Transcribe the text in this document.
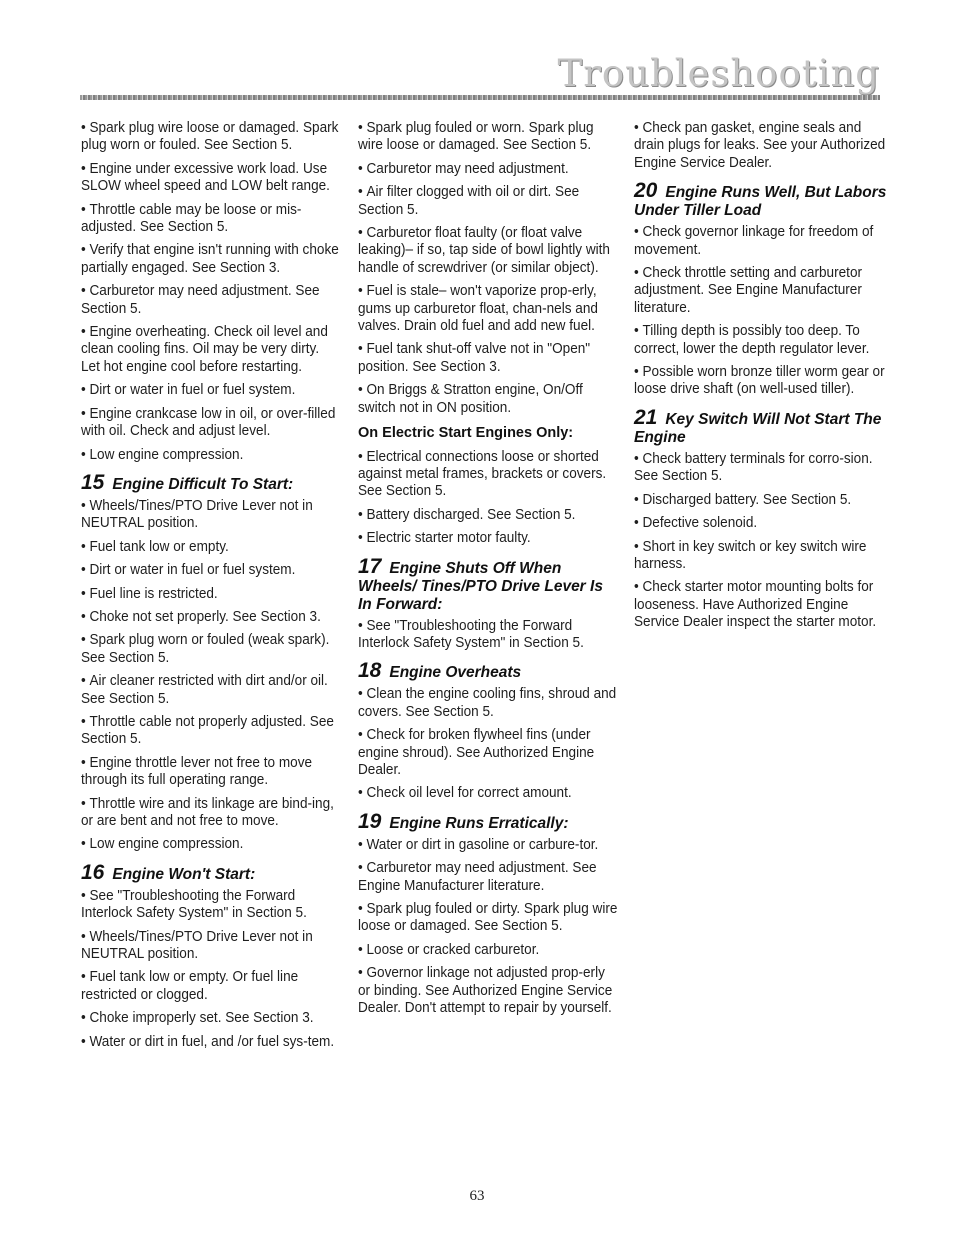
Troubleshooting

• Spark plug wire loose or damaged. Spark plug worn or fouled. See Section 5.

• Engine under excessive work load. Use SLOW wheel speed and LOW belt range.

• Throttle cable may be loose or mis-adjusted. See Section 5.

• Verify that engine isn't running with choke partially engaged. See Section 3.

• Carburetor may need adjustment. See Section 5.

• Engine overheating. Check oil level and clean cooling fins. Oil may be very dirty. Let hot engine cool before restarting.

• Dirt or water in fuel or fuel system.

• Engine crankcase low in oil, or over-filled with oil. Check and adjust level.

• Low engine compression.

15 Engine Difficult To Start:

• Wheels/Tines/PTO Drive Lever not in NEUTRAL position.

• Fuel tank low or empty.

• Dirt or water in fuel or fuel system.

• Fuel line is restricted.

• Choke not set properly. See Section 3.

• Spark plug worn or fouled (weak spark). See Section 5.

• Air cleaner restricted with dirt and/or oil. See Section 5.

• Throttle cable not properly adjusted. See Section 5.

• Engine throttle lever not free to move through its full operating range.

• Throttle wire and its linkage are bind-ing, or are bent and not free to move.

• Low engine compression.

16 Engine Won't Start:

• See "Troubleshooting the Forward Interlock Safety System" in Section 5.

• Wheels/Tines/PTO Drive Lever not in NEUTRAL position.

• Fuel tank low or empty. Or fuel line restricted or clogged.

• Choke improperly set. See Section 3.

• Water or dirt in fuel, and /or fuel sys-tem.

• Spark plug fouled or worn. Spark plug wire loose or damaged. See Section 5.

• Carburetor may need adjustment.

• Air filter clogged with oil or dirt. See Section 5.

• Carburetor float faulty (or float valve leaking)– if so, tap side of bowl lightly with handle of screwdriver (or similar object).

• Fuel is stale– won't vaporize prop-erly, gums up carburetor float, chan-nels and valves. Drain old fuel and add new fuel.

• Fuel tank shut-off valve not in "Open" position. See Section 3.

• On Briggs & Stratton engine, On/Off switch not in ON position.

On Electric Start Engines Only:

• Electrical connections loose or shorted against metal frames, brackets or covers. See Section 5.

• Battery discharged. See Section 5.

• Electric starter motor faulty.

17 Engine Shuts Off When Wheels/ Tines/PTO Drive Lever Is In Forward:

• See "Troubleshooting the Forward Interlock Safety System" in Section 5.

18 Engine Overheats

• Clean the engine cooling fins, shroud and covers. See Section 5.

• Check for broken flywheel fins (under engine shroud). See Authorized Engine Dealer.

• Check oil level for correct amount.

19 Engine Runs Erratically:

• Water or dirt in gasoline or carbure-tor.

• Carburetor may need adjustment. See Engine Manufacturer literature.

• Spark plug fouled or dirty. Spark plug wire loose or damaged. See Section 5.

• Loose or cracked carburetor.

• Governor linkage not adjusted prop-erly or binding. See Authorized Engine Service Dealer. Don't attempt to repair by yourself.

• Check pan gasket, engine seals and drain plugs for leaks. See your Authorized Engine Service Dealer.

20 Engine Runs Well, But Labors Under Tiller Load

• Check governor linkage for freedom of movement.

• Check throttle setting and carburetor adjustment. See Engine Manufacturer literature.

• Tilling depth is possibly too deep. To correct, lower the depth regulator lever.

• Possible worn bronze tiller worm gear or loose drive shaft (on well-used tiller).

21 Key Switch Will Not Start The Engine

• Check battery terminals for corro-sion. See Section 5.

• Discharged battery. See Section 5.

• Defective solenoid.

• Short in key switch or key switch wire harness.

• Check starter motor mounting bolts for looseness. Have Authorized Engine Service Dealer inspect the starter motor.

63
